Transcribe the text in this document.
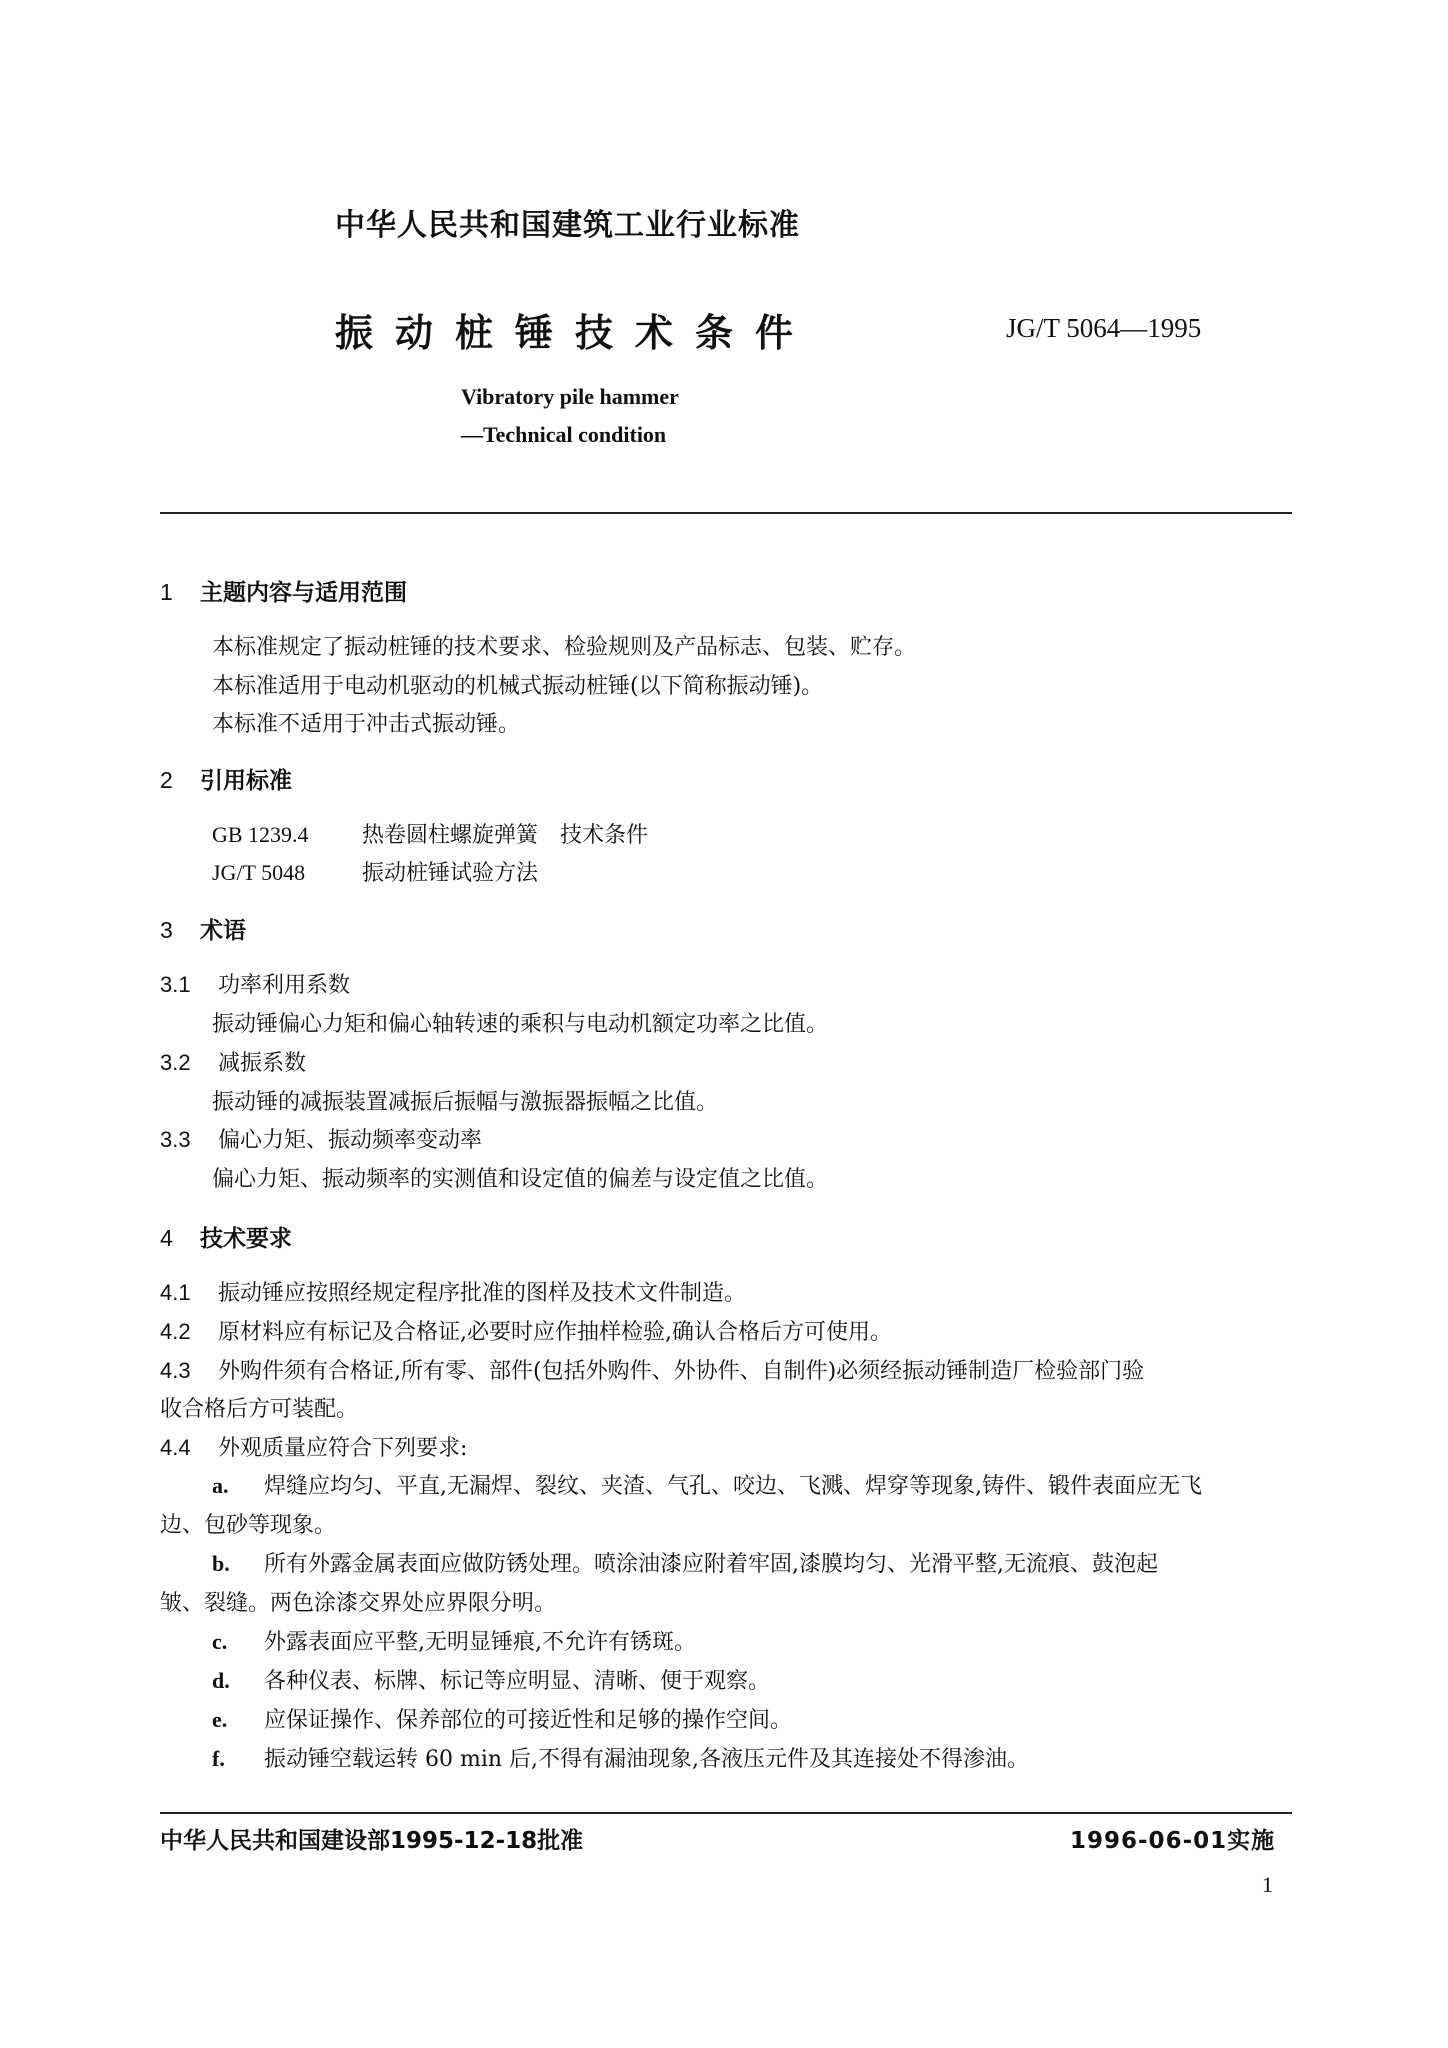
中华人民共和国建筑工业行业标准
振动桩锤技术条件	JG/T 5064—1995
Vibratory pile hammer
—Technical condition
1 主题内容与适用范围
本标准规定了振动桩锤的技术要求、检验规则及产品标志、包装、贮存。
本标准适用于电动机驱动的机械式振动桩锤(以下简称振动锤)。
本标准不适用于冲击式振动锤。
2 引用标准
GB 1239.4 热卷圆柱螺旋弹簧　技术条件
JG/T 5048	振动桩锤试验方法
3 术语
3.1 功率利用系数
振动锤偏心力矩和偏心轴转速的乘积与电动机额定功率之比值。
3.2 减振系数
振动锤的减振装置减振后振幅与激振器振幅之比值。
3.3 偏心力矩、振动频率变动率
偏心力矩、振动频率的实测值和设定值的偏差与设定值之比值。
4 技术要求
4.1 振动锤应按照经规定程序批准的图样及技术文件制造。
4.2 原材料应有标记及合格证,必要时应作抽样检验,确认合格后方可使用。
4.3 外购件须有合格证,所有零、部件(包括外购件、外协件、自制件)必须经振动锤制造厂检验部门验
收合格后方可装配。
4.4 外观质量应符合下列要求:
a. 焊缝应均匀、平直,无漏焊、裂纹、夹渣、气孔、咬边、飞溅、焊穿等现象,铸件、锻件表面应无飞
边、包砂等现象。
b. 所有外露金属表面应做防锈处理。喷涂油漆应附着牢固,漆膜均匀、光滑平整,无流痕、鼓泡起
皱、裂缝。两色涂漆交界处应界限分明。
c. 外露表面应平整,无明显锤痕,不允许有锈斑。
d. 各种仪表、标牌、标记等应明显、清晰、便于观察。
e. 应保证操作、保养部位的可接近性和足够的操作空间。
f. 振动锤空载运转 60 min 后,不得有漏油现象,各液压元件及其连接处不得渗油。
中华人民共和国建设部1995-12-18批准	1996-06-01实施
1
